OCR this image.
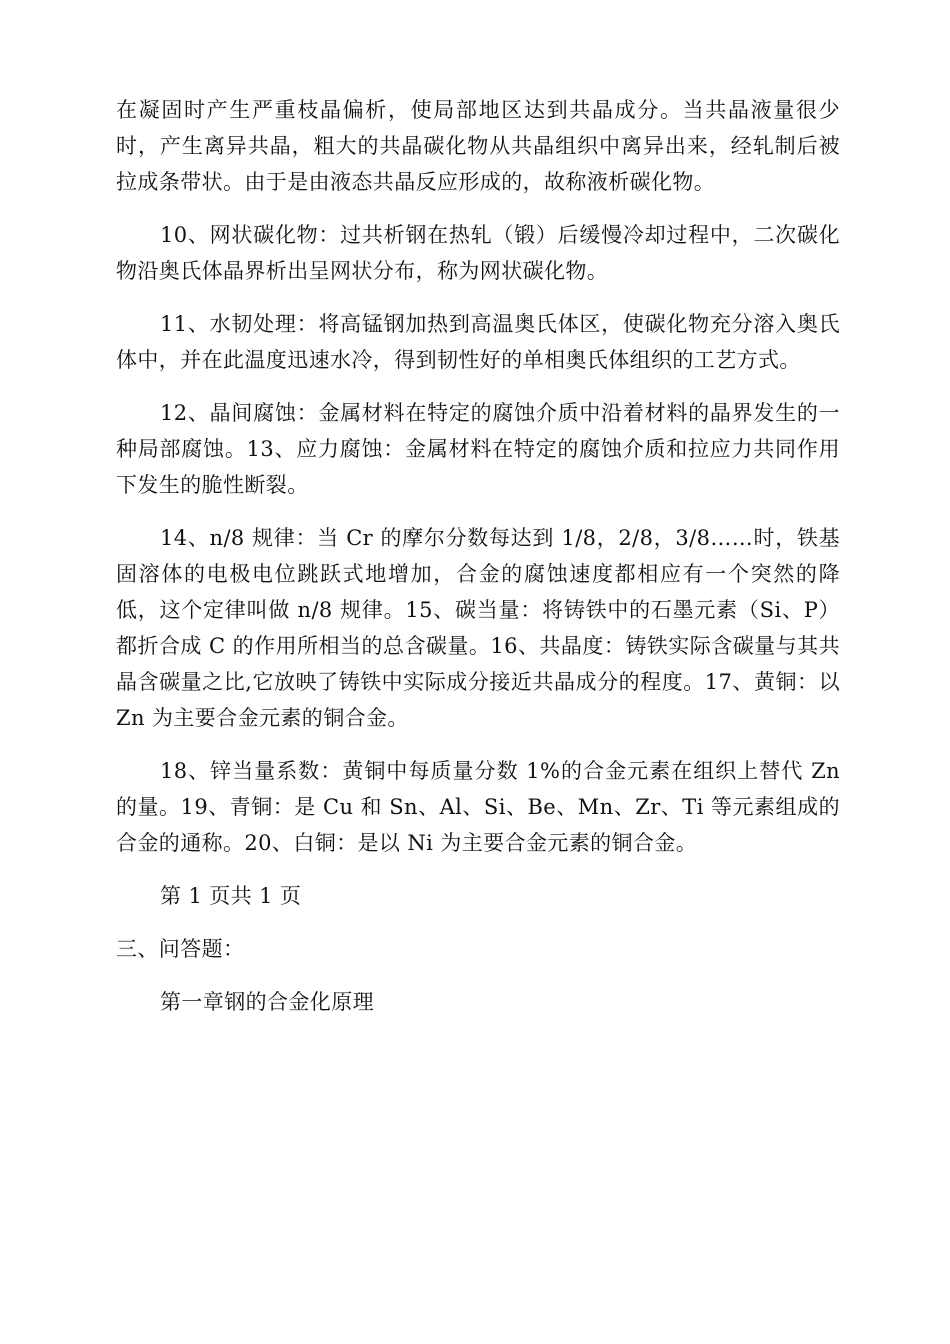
在凝固时产生严重枝晶偏析，使局部地区达到共晶成分。当共晶液量很少时，产生离异共晶，粗大的共晶碳化物从共晶组织中离异出来，经轧制后被拉成条带状。由于是由液态共晶反应形成的，故称液析碳化物。

10、网状碳化物：过共析钢在热轧（锻）后缓慢冷却过程中，二次碳化物沿奥氏体晶界析出呈网状分布，称为网状碳化物。

11、水韧处理：将高锰钢加热到高温奥氏体区，使碳化物充分溶入奥氏体中，并在此温度迅速水冷，得到韧性好的单相奥氏体组织的工艺方式。

12、晶间腐蚀：金属材料在特定的腐蚀介质中沿着材料的晶界发生的一种局部腐蚀。13、应力腐蚀：金属材料在特定的腐蚀介质和拉应力共同作用下发生的脆性断裂。

14、n/8 规律：当 Cr 的摩尔分数每达到 1/8，2/8，3/8……时，铁基固溶体的电极电位跳跃式地增加，合金的腐蚀速度都相应有一个突然的降低，这个定律叫做 n/8 规律。15、碳当量：将铸铁中的石墨元素（Si、P）都折合成 C 的作用所相当的总含碳量。16、共晶度：铸铁实际含碳量与其共晶含碳量之比,它放映了铸铁中实际成分接近共晶成分的程度。17、黄铜：以 Zn 为主要合金元素的铜合金。

18、锌当量系数：黄铜中每质量分数 1%的合金元素在组织上替代 Zn 的量。19、青铜：是 Cu 和 Sn、Al、Si、Be、Mn、Zr、Ti 等元素组成的合金的通称。20、白铜：是以 Ni 为主要合金元素的铜合金。

第 1 页共 1 页

三、问答题：

第一章钢的合金化原理
